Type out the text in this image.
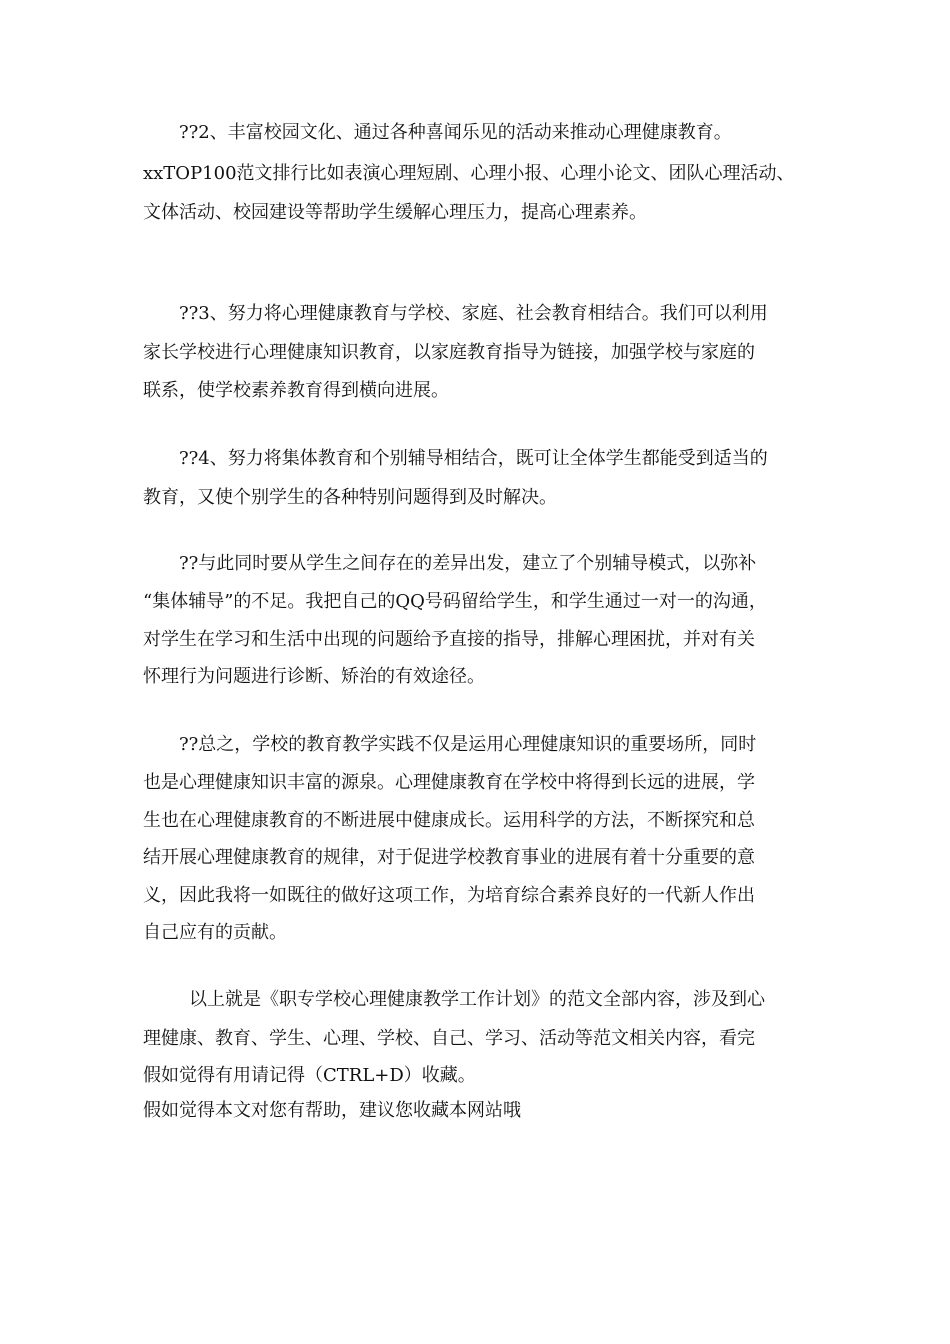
??2、丰富校园文化、通过各种喜闻乐见的活动来推动心理健康教育。
xxTOP100范文排行比如表演心理短剧、心理小报、心理小论文、团队心理活动、
文体活动、校园建设等帮助学生缓解心理压力，提高心理素养。
??3、努力将心理健康教育与学校、家庭、社会教育相结合。我们可以利用
家长学校进行心理健康知识教育，以家庭教育指导为链接，加强学校与家庭的
联系，使学校素养教育得到横向进展。
??4、努力将集体教育和个别辅导相结合，既可让全体学生都能受到适当的
教育，又使个别学生的各种特别问题得到及时解决。
??与此同时要从学生之间存在的差异出发，建立了个别辅导模式，以弥补
“集体辅导”的不足。我把自己的QQ号码留给学生，和学生通过一对一的沟通，
对学生在学习和生活中出现的问题给予直接的指导，排解心理困扰，并对有关
怀理行为问题进行诊断、矫治的有效途径。
??总之，学校的教育教学实践不仅是运用心理健康知识的重要场所，同时
也是心理健康知识丰富的源泉。心理健康教育在学校中将得到长远的进展，学
生也在心理健康教育的不断进展中健康成长。运用科学的方法，不断探究和总
结开展心理健康教育的规律，对于促进学校教育事业的进展有着十分重要的意
义，因此我将一如既往的做好这项工作，为培育综合素养良好的一代新人作出
自己应有的贡献。
以上就是《职专学校心理健康教学工作计划》的范文全部内容，涉及到心
理健康、教育、学生、心理、学校、自己、学习、活动等范文相关内容，看完
假如觉得有用请记得（CTRL+D）收藏。
假如觉得本文对您有帮助，建议您收藏本网站哦
